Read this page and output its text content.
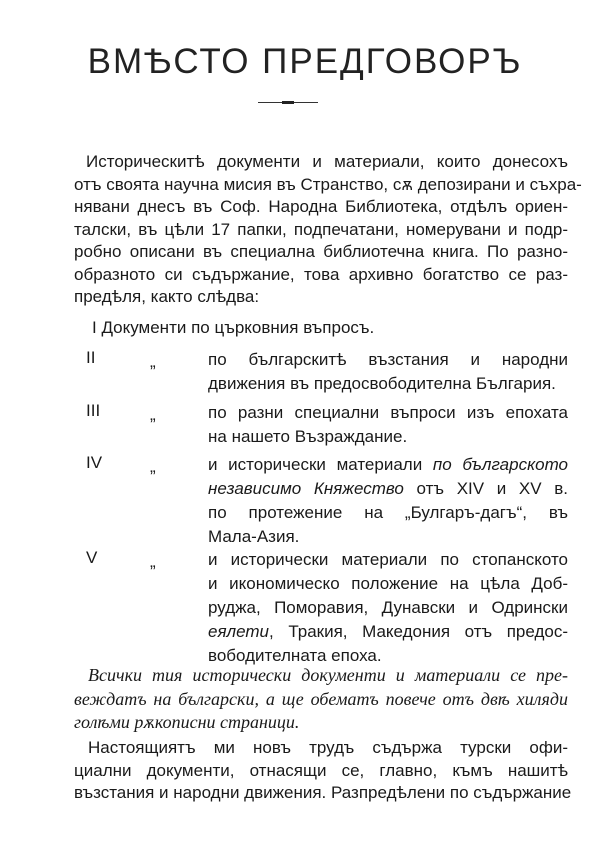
ВМѢСТО ПРЕДГОВОРЪ
Историческитѣ документи и материали, които донесохъ
отъ своята научна мисия въ Странство, сѫ депозирани и съхра-
нявани днесъ въ Соф. Народна Библиотека, отдѣлъ ориен-
талски, въ цѣли 17 папки, подпечатани, номерувани и подр-
робно описани въ специална библиотечна книга. По разно-
образното си съдържание, това архивно богатство се раз-
предѣля, както слѣдва:
I Документи по църковния въпросъ.
II	„	по българскитѣ възстания и народни
движения въ предосвободителна България.
III	„	по разни специални въпроси изъ епохата
на нашето Възраждание.
IV	„	и исторически материали по българското
независимо Княжество отъ XIV и XV в.
по протежение на „Булгаръ-дагъ“, въ
Мала-Азия.
V	„	и исторически материали по стопанското
и икономическо положение на цѣла Доб-
руджа, Поморавия, Дунавски и Одрински
еялети, Тракия, Македония отъ предос-
вободителната епоха.
Всички тия исторически документи и материали се пре-
веждатъ на български, а ще обематъ повече отъ двѣ хиляди
голѣми рѫкописни страници.
Настоящиятъ ми новъ трудъ съдържа турски офи-
циални документи, отнасящи се, главно, къмъ нашитѣ
възстания и народни движения. Разпредѣлени по съдържание
